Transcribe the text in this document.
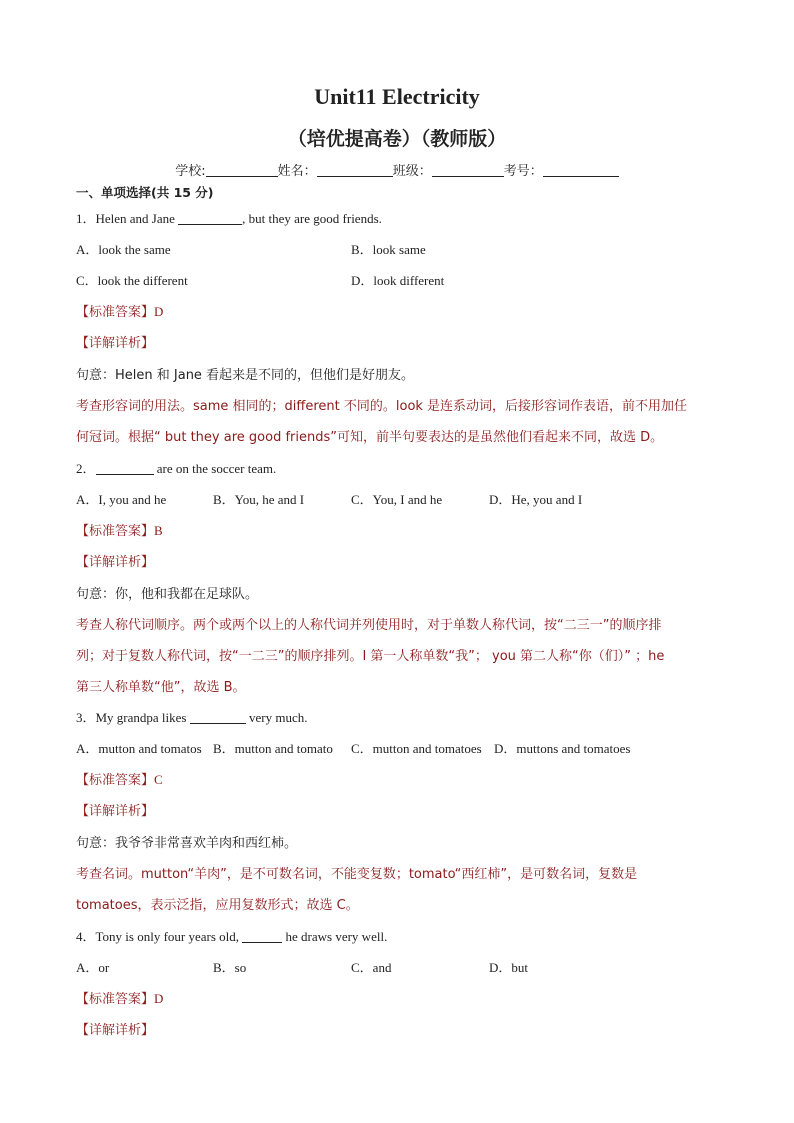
Unit11 Electricity
（培优提高卷）（教师版）
学校:	姓名：	班级：	考号：
一、单项选择(共 15 分)
1．Helen and Jane	, but they are good friends.
A．look the same	B．look same
C．look the different	D．look different
【标准答案】D
【详解详析】
句意：Helen 和 Jane 看起来是不同的，但他们是好朋友。
考查形容词的用法。same 相同的；different 不同的。look 是连系动词，后接形容词作表语，前不用加任
何冠词。根据“ but they are good friends”可知，前半句要表达的是虽然他们看起来不同，故选 D。
2．	are on the soccer team.
A．I, you and he	B．You, he and I	C．You, I and he	D．He, you and I
【标准答案】B
【详解详析】
句意：你，他和我都在足球队。
考查人称代词顺序。两个或两个以上的人称代词并列使用时，对于单数人称代词，按“二三一”的顺序排
列；对于复数人称代词，按“一二三”的顺序排列。I 第一人称单数“我”； you 第二人称“你（们）” ；he
第三人称单数“他”，故选 B。
3．My grandpa likes	very much.
A．mutton and tomatos B．mutton and tomato C．mutton and tomatoes D．muttons and tomatoes
【标准答案】C
【详解详析】
句意：我爷爷非常喜欢羊肉和西红柿。
考查名词。mutton“羊肉”，是不可数名词，不能变复数；tomato“西红柿”，是可数名词，复数是
tomatoes，表示泛指，应用复数形式；故选 C。
4．Tony is only four years old,	he draws very well.
A．or	B．so	C．and	D．but
【标准答案】D
【详解详析】
